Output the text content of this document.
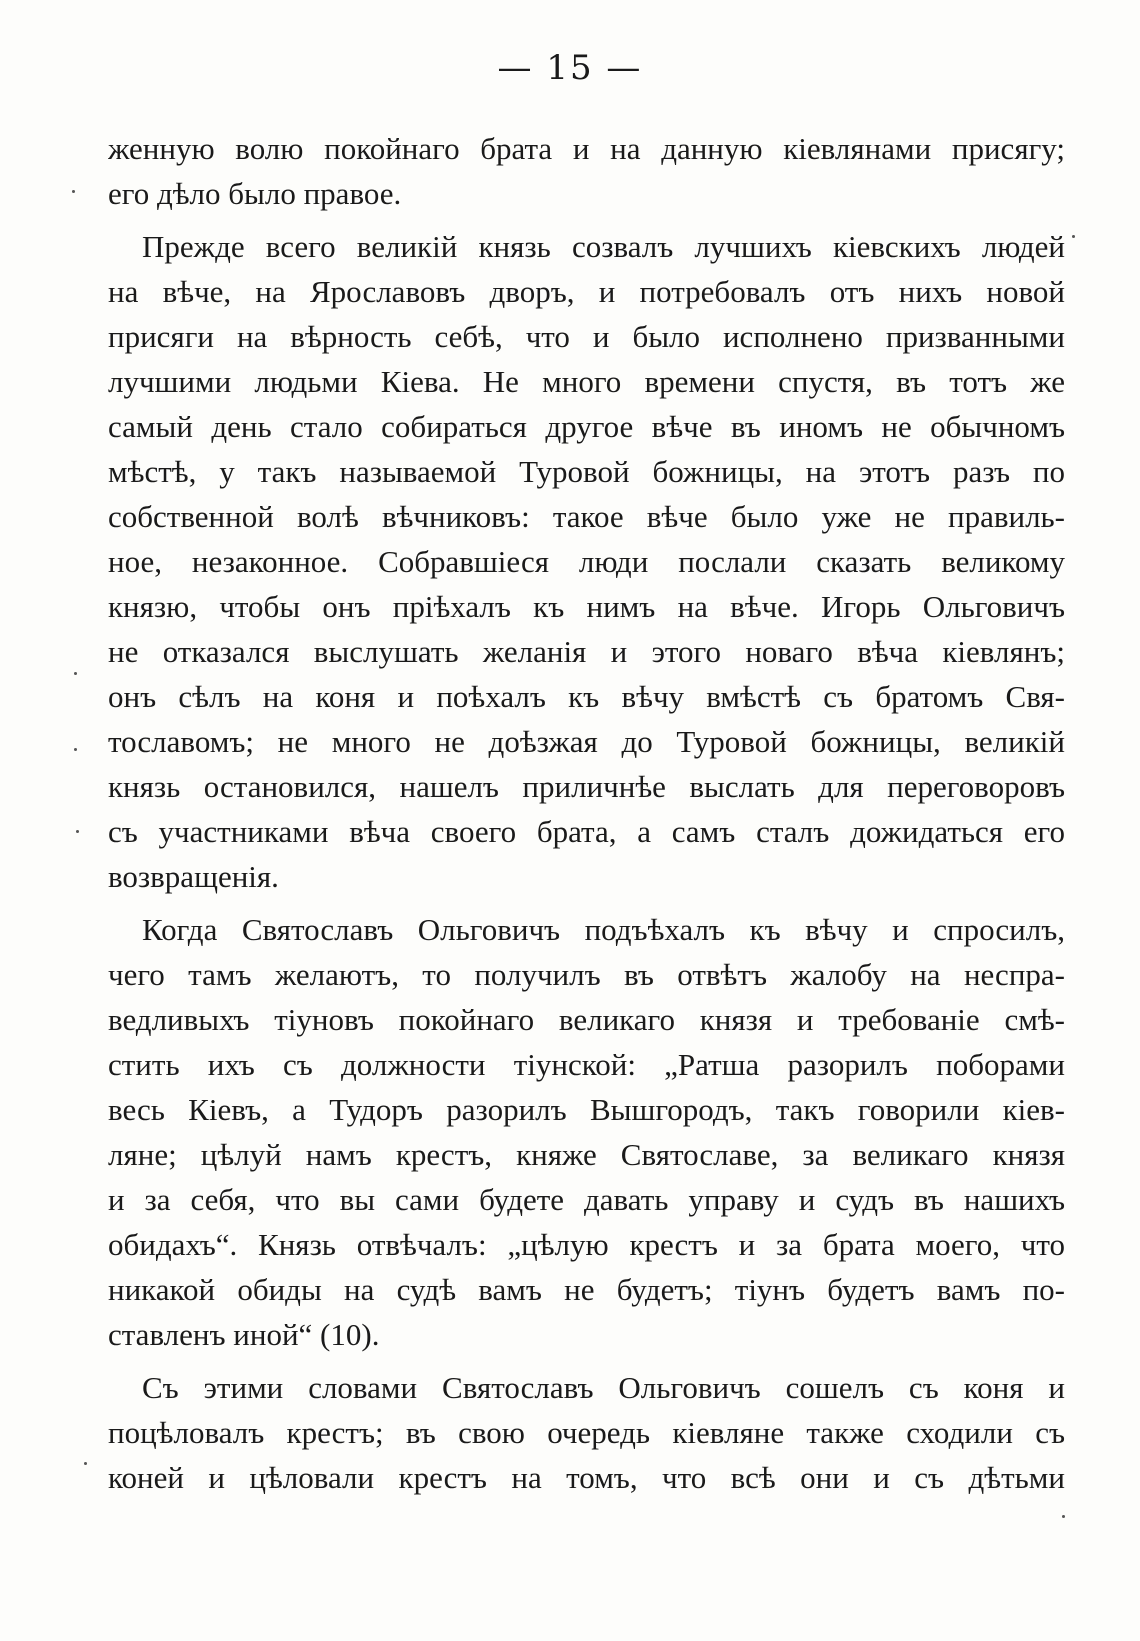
— 15 —
женную волю покойнаго брата и на данную кіевлянами присягу;
его дѣло было правое.
Прежде всего великій князь созвалъ лучшихъ кіевскихъ людей
на вѣче, на Ярославовъ дворъ, и потребовалъ отъ нихъ новой
присяги на вѣрность себѣ, что и было исполнено призванными
лучшими людьми Кіева. Не много времени спустя, въ тотъ же
самый день стало собираться другое вѣче въ иномъ не обычномъ
мѣстѣ, у такъ называемой Туровой божницы, на этотъ разъ по
собственной волѣ вѣчниковъ: такое вѣче было уже не правиль-
ное, незаконное. Собравшіеся люди послали сказать великому
князю, чтобы онъ пріѣхалъ къ нимъ на вѣче. Игорь Ольговичъ
не отказался выслушать желанія и этого новаго вѣча кіевлянъ;
онъ сѣлъ на коня и поѣхалъ къ вѣчу вмѣстѣ съ братомъ Свя-
тославомъ; не много не доѣзжая до Туровой божницы, великій
князь остановился, нашелъ приличнѣе выслать для переговоровъ
съ участниками вѣча своего брата, а самъ сталъ дожидаться его
возвращенія.
Когда Святославъ Ольговичъ подъѣхалъ къ вѣчу и спросилъ,
чего тамъ желаютъ, то получилъ въ отвѣтъ жалобу на неспра-
ведливыхъ тіуновъ покойнаго великаго князя и требованіе смѣ-
стить ихъ съ должности тіунской: „Ратша разорилъ поборами
весь Кіевъ, а Тудоръ разорилъ Вышгородъ, такъ говорили кіев-
ляне; цѣлуй намъ крестъ, княже Святославе, за великаго князя
и за себя, что вы сами будете давать управу и судъ въ нашихъ
обидахъ“. Князь отвѣчалъ: „цѣлую крестъ и за брата моего, что
никакой обиды на судѣ вамъ не будетъ; тіунъ будетъ вамъ по-
ставленъ иной“ (10).
Съ этими словами Святославъ Ольговичъ сошелъ съ коня и
поцѣловалъ крестъ; въ свою очередь кіевляне также сходили съ
коней и цѣловали крестъ на томъ, что всѣ они и съ дѣтьми
